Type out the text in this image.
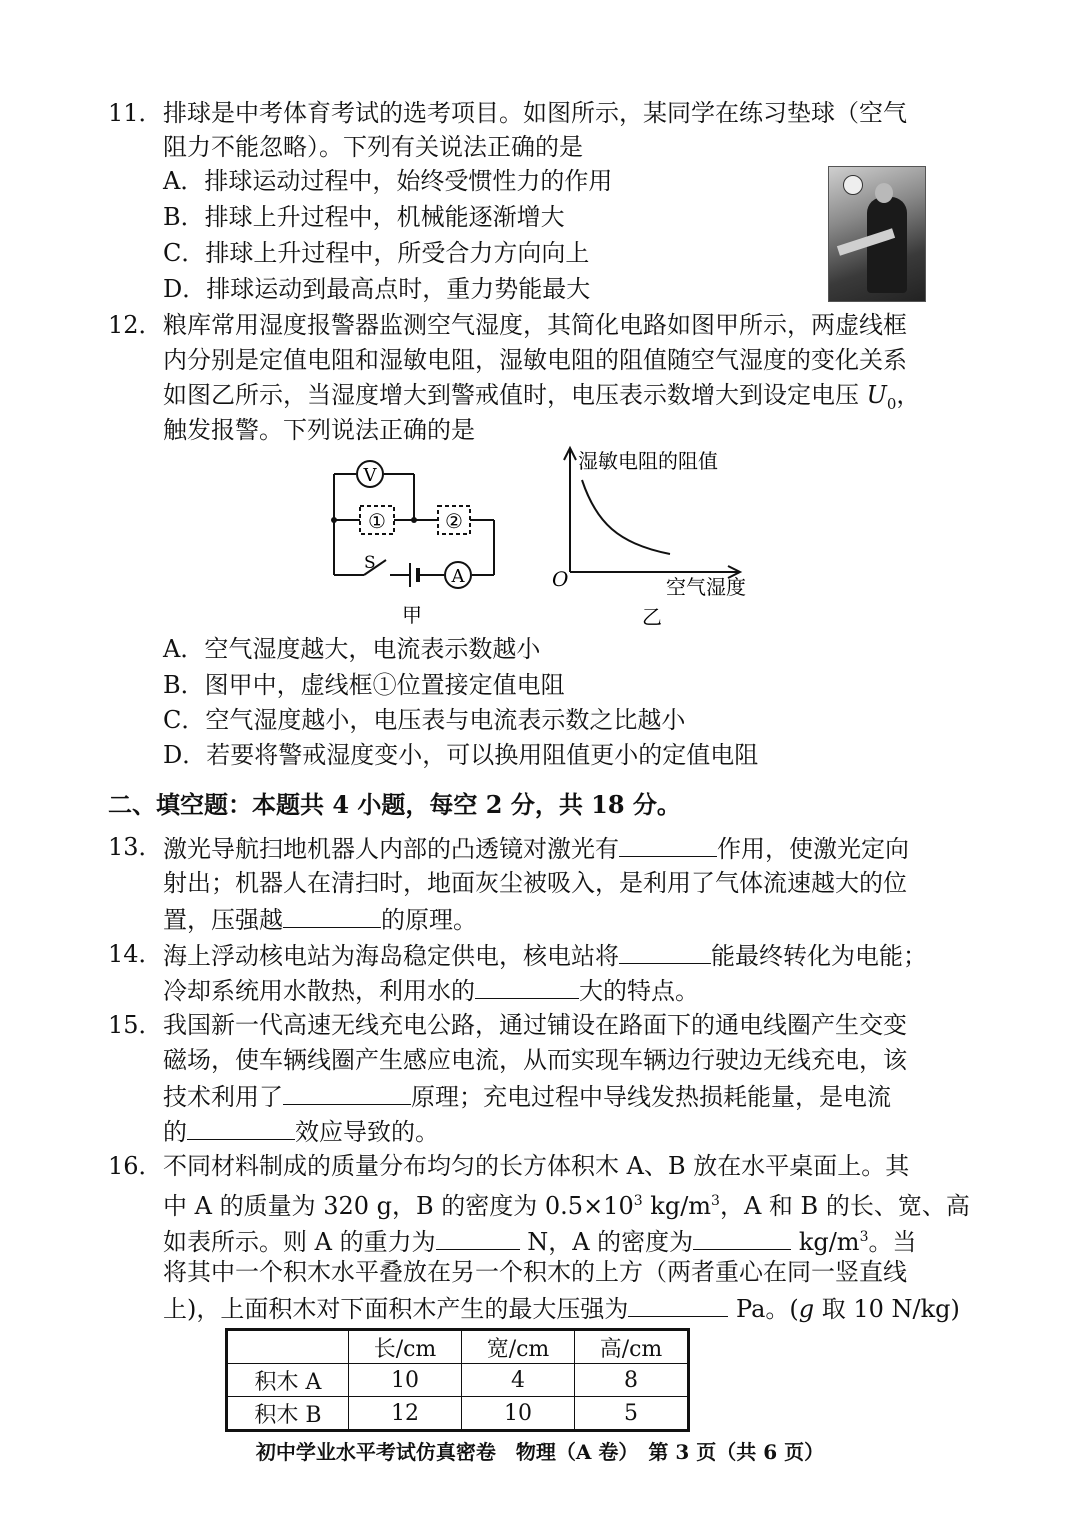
11． 排球是中考体育考试的选考项目。如图所示，某同学在练习垫球（空气
阻力不能忽略）。下列有关说法正确的是
A．排球运动过程中，始终受惯性力的作用
B．排球上升过程中，机械能逐渐增大
C．排球上升过程中，所受合力方向向上
D．排球运动到最高点时，重力势能最大
12． 粮库常用湿度报警器监测空气湿度，其简化电路如图甲所示，两虚线框
内分别是定值电阻和湿敏电阻，湿敏电阻的阻值随空气湿度的变化关系
如图乙所示，当湿度增大到警戒值时，电压表示数增大到设定电压 $U_0$，
触发报警。下列说法正确的是
V
A
①	②
S
甲
湿敏电阻的阻值
空气湿度
O
乙
A．空气湿度越大，电流表示数越小
B．图甲中，虚线框①位置接定值电阻
C．空气湿度越小，电压表与电流表示数之比越小
D．若要将警戒湿度变小，可以换用阻值更小的定值电阻
二、填空题：本题共 4 小题，每空 2 分，共 18 分。
13． 激光导航扫地机器人内部的凸透镜对激光有	作用，使激光定向
射出；机器人在清扫时，地面灰尘被吸入，是利用了气体流速越大的位
置，压强越	的原理。
14． 海上浮动核电站为海岛稳定供电，核电站将	能最终转化为电能；
冷却系统用水散热，利用水的	大的特点。
15． 我国新一代高速无线充电公路，通过铺设在路面下的通电线圈产生交变
磁场，使车辆线圈产生感应电流，从而实现车辆边行驶边无线充电，该
技术利用了	原理；充电过程中导线发热损耗能量，是电流
的	效应导致的。
16． 不同材料制成的质量分布均匀的长方体积木 A、B 放在水平桌面上。其
中 A 的质量为 320 g，B 的密度为 $0.5\times 10^3$ $kg/m^3$，A 和 B 的长、宽、高
如表所示。则 A 的重力为	N，A 的密度为	$kg/m^3$。当
将其中一个积木水平叠放在另一个积木的上方（两者重心在同一竖直线
上)，上面积木对下面积木产生的最大压强为	Pa。(g 取 10 N/kg)
	长/cm	宽/cm	高/cm
积木 A	10	4	8
积木 B	12	10	5
初中学业水平考试仿真密卷　物理（A 卷）　第 3 页（共 6 页）
